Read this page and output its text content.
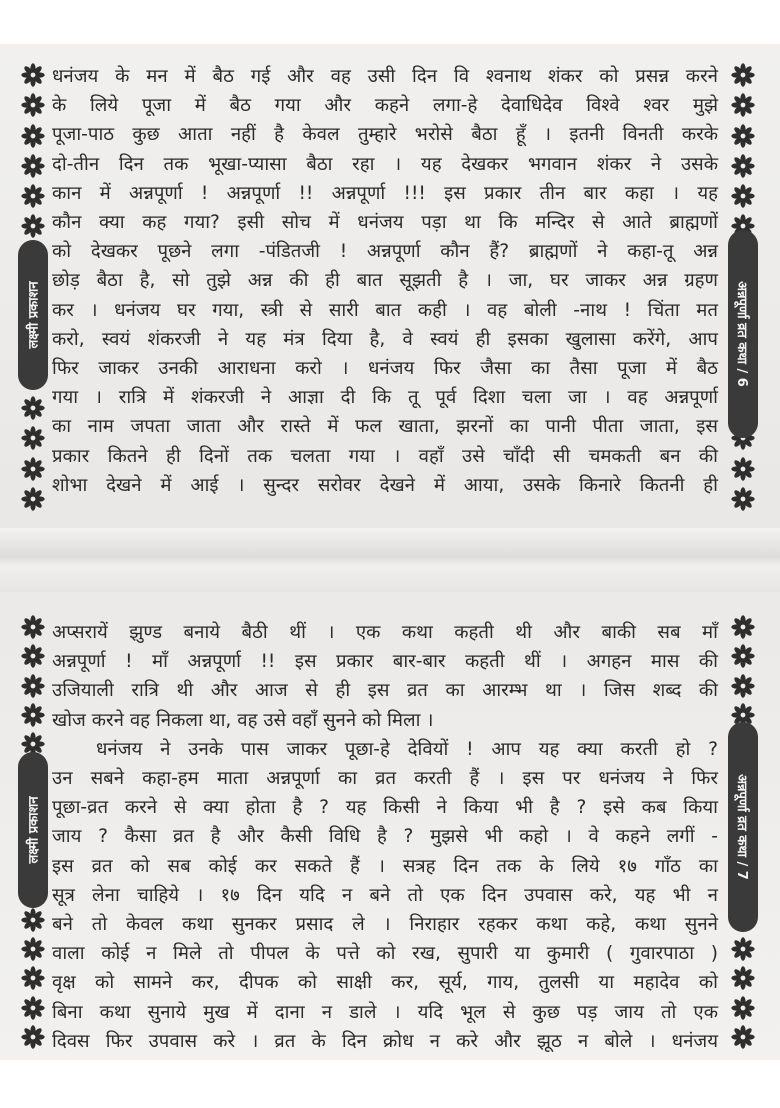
लक्ष्मी प्रकाशन	अन्नपूर्णा व्रत कथा / 6
धनंजय के मन में बैठ गई और वह उसी दिन वि श्वनाथ शंकर को प्रसन्न करने
के लिये पूजा में बैठ गया और कहने लगा-हे देवाधिदेव विश्वे श्वर मुझे
पूजा-पाठ कुछ आता नहीं है केवल तुम्हारे भरोसे बैठा हूँ । इतनी विनती करके
दो-तीन दिन तक भूखा-प्यासा बैठा रहा । यह देखकर भगवान शंकर ने उसके
कान में अन्नपूर्णा ! अन्नपूर्णा !! अन्नपूर्णा !!! इस प्रकार तीन बार कहा । यह
कौन क्या कह गया? इसी सोच में धनंजय पड़ा था कि मन्दिर से आते ब्राह्मणों
को देखकर पूछने लगा -पंडितजी ! अन्नपूर्णा कौन हैं? ब्राह्मणों ने कहा-तू अन्न
छोड़ बैठा है, सो तुझे अन्न की ही बात सूझती है । जा, घर जाकर अन्न ग्रहण
कर । धनंजय घर गया, स्त्री से सारी बात कही । वह बोली -नाथ ! चिंता मत
करो, स्वयं शंकरजी ने यह मंत्र दिया है, वे स्वयं ही इसका खुलासा करेंगे, आप
फिर जाकर उनकी आराधना करो । धनंजय फिर जैसा का तैसा पूजा में बैठ
गया । रात्रि में शंकरजी ने आज्ञा दी कि तू पूर्व दिशा चला जा । वह अन्नपूर्णा
का नाम जपता जाता और रास्ते में फल खाता, झरनों का पानी पीता जाता, इस
प्रकार कितने ही दिनों तक चलता गया । वहाँ उसे चाँदी सी चमकती बन की
शोभा देखने में आई । सुन्दर सरोवर देखने में आया, उसके किनारे कितनी ही
लक्ष्मी प्रकाशन	अन्नपूर्णा व्रत कथा / 7
अप्सरायें झुण्ड बनाये बैठी थीं । एक कथा कहती थी और बाकी सब माँ
अन्नपूर्णा ! माँ अन्नपूर्णा !! इस प्रकार बार-बार कहती थीं । अगहन मास की
उजियाली रात्रि थी और आज से ही इस व्रत का आरम्भ था । जिस शब्द की
खोज करने वह निकला था, वह उसे वहाँ सुनने को मिला ।
धनंजय ने उनके पास जाकर पूछा-हे देवियों ! आप यह क्या करती हो ?
उन सबने कहा-हम माता अन्नपूर्णा का व्रत करती हैं । इस पर धनंजय ने फिर
पूछा-व्रत करने से क्या होता है ? यह किसी ने किया भी है ? इसे कब किया
जाय ? कैसा व्रत है और कैसी विधि है ? मुझसे भी कहो । वे कहने लगीं -
इस व्रत को सब कोई कर सकते हैं । सत्रह दिन तक के लिये १७ गाँठ का
सूत्र लेना चाहिये । १७ दिन यदि न बने तो एक दिन उपवास करे, यह भी न
बने तो केवल कथा सुनकर प्रसाद ले । निराहार रहकर कथा कहे, कथा सुनने
वाला कोई न मिले तो पीपल के पत्ते को रख, सुपारी या कुमारी ( गुवारपाठा )
वृक्ष को सामने कर, दीपक को साक्षी कर, सूर्य, गाय, तुलसी या महादेव को
बिना कथा सुनाये मुख में दाना न डाले । यदि भूल से कुछ पड़ जाय तो एक
दिवस फिर उपवास करे । व्रत के दिन क्रोध न करे और झूठ न बोले । धनंजय
